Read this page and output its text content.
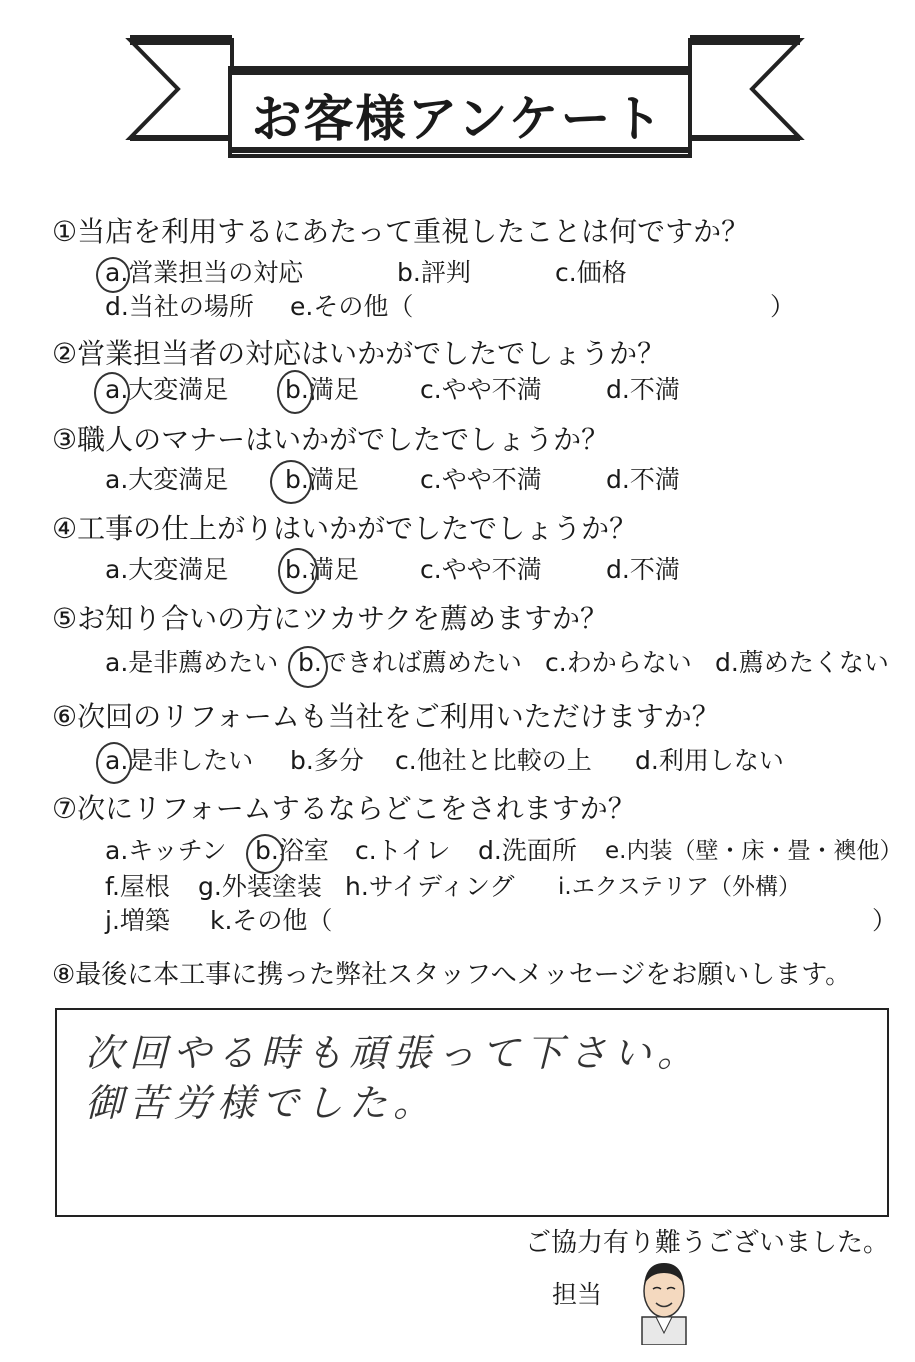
お客様アンケート
①当店を利用するにあたって重視したことは何ですか？
a.営業担当の対応	b.評判	c.価格
d.当社の場所 e.その他（	）
②営業担当者の対応はいかがでしたでしょうか？
a.大変満足 b.満足 c.やや不満	d.不満
③職人のマナーはいかがでしたでしょうか？
a.大変満足 b.満足 c.やや不満	d.不満
④工事の仕上がりはいかがでしたでしょうか？
a.大変満足 b.満足 c.やや不満	d.不満
⑤お知り合いの方にツカサクを薦めますか？
a.是非薦めたい b.できれば薦めたい c.わからない d.薦めたくない
⑥次回のリフォームも当社をご利用いただけますか？
a.是非したい b.多分 c.他社と比較の上 d.利用しない
⑦次にリフォームするならどこをされますか？
a.キッチン b.浴室 c.トイレ d.洗面所 e.内装（壁・床・畳・襖他）
f.屋根 g.外装塗装 h.サイディング i.エクステリア（外構）
j.増築 k.その他（	）
⑧最後に本工事に携った弊社スタッフへメッセージをお願いします。
次回やる時も頑張って下さい。
御苦労様でした。
ご協力有り難うございました。
担当
